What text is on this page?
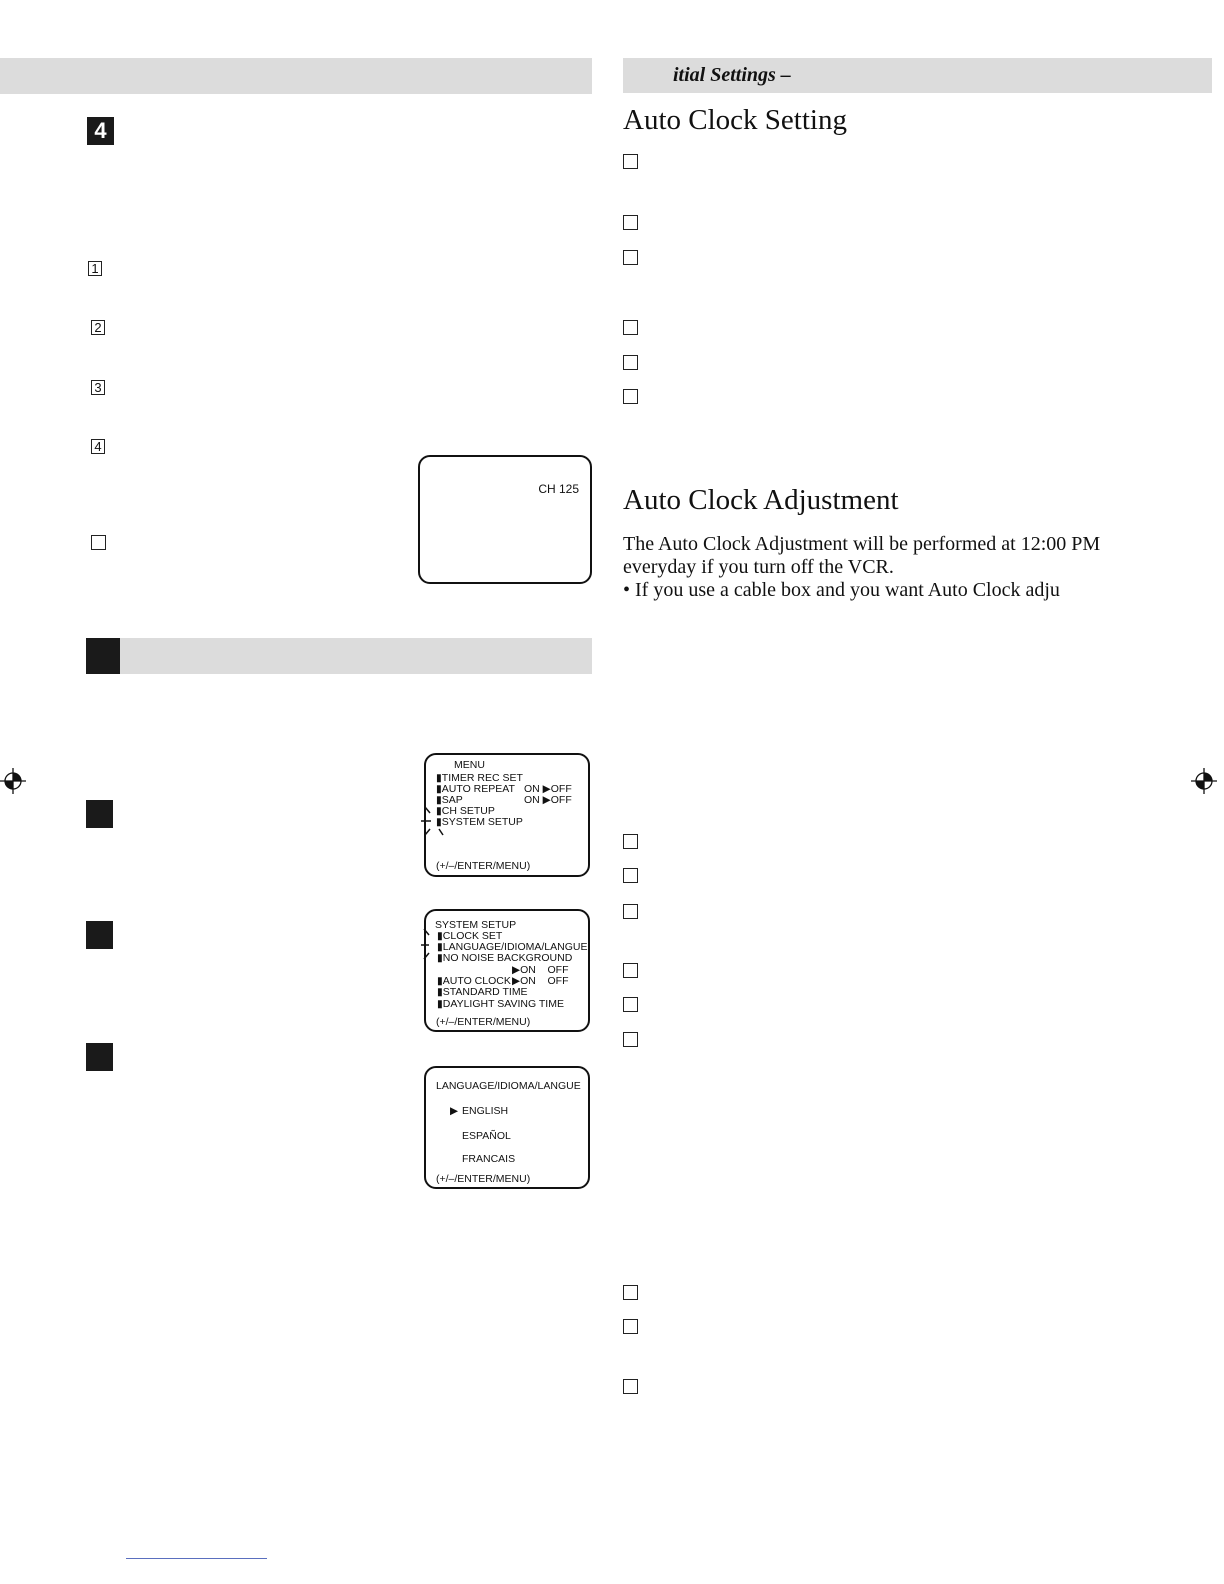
4
1
2
3
4
CH 125
MENU
▮TIMER REC SET
▮AUTO REPEAT ON ▶OFF
▮SAP	ON ▶OFF
▮CH SETUP
▮SYSTEM SETUP
(+/–/ENTER/MENU)
SYSTEM SETUP
▮CLOCK SET
▮LANGUAGE/IDIOMA/LANGUE
▮NO NOISE BACKGROUND
▶ON    OFF
▮AUTO CLOCK ▶ON    OFF
▮STANDARD TIME
▮DAYLIGHT SAVING TIME
(+/–/ENTER/MENU)
LANGUAGE/IDIOMA/LANGUE
▶ ENGLISH
ESPAÑOL
FRANCAIS
(+/–/ENTER/MENU)
itial Settings –
Auto Clock Setting
Auto Clock Adjustment
The Auto Clock Adjustment will be performed at 12:00 PM everyday if you turn off the VCR.
• If you use a cable box and you want Auto Clock adju
